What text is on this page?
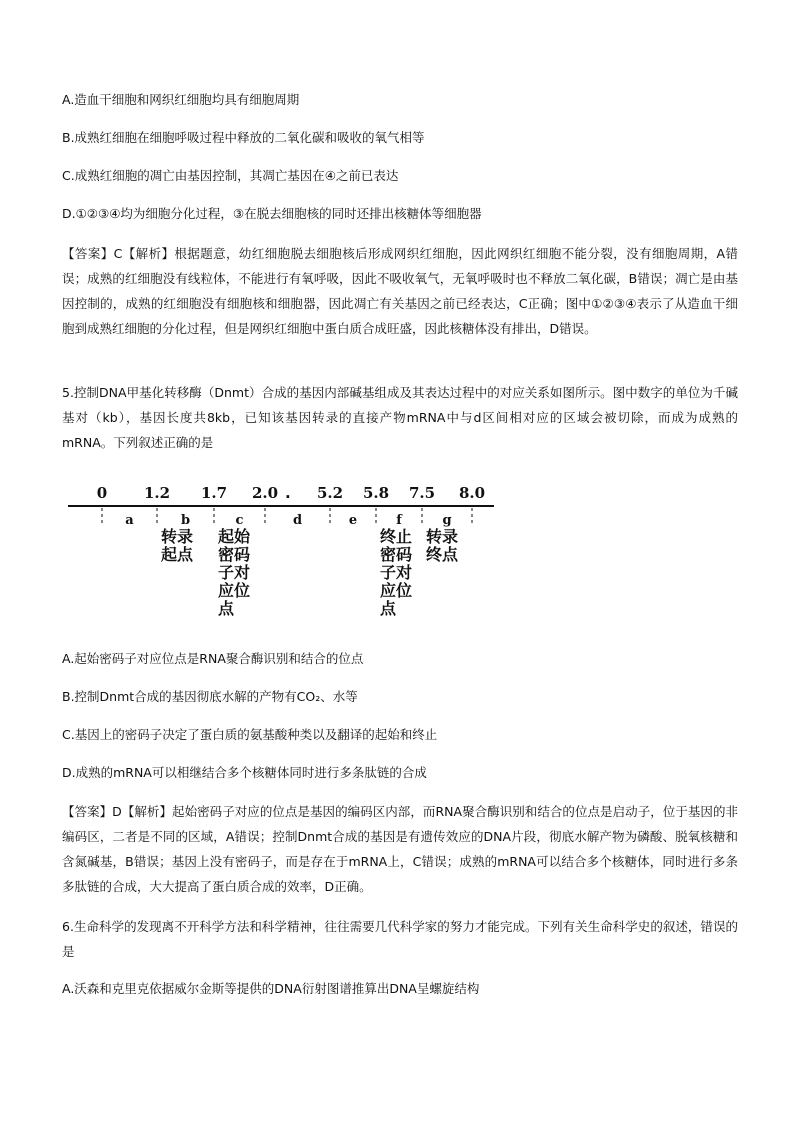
A.造血干细胞和网织红细胞均具有细胞周期
B.成熟红细胞在细胞呼吸过程中释放的二氧化碳和吸收的氧气相等
C.成熟红细胞的凋亡由基因控制，其凋亡基因在④之前已表达
D.①②③④均为细胞分化过程，③在脱去细胞核的同时还排出核糖体等细胞器
【答案】C【解析】根据题意，幼红细胞脱去细胞核后形成网织红细胞，因此网织红细胞不能分裂，没有细胞周期，A错误；成熟的红细胞没有线粒体，不能进行有氧呼吸，因此不吸收氧气，无氧呼吸时也不释放二氧化碳，B错误；凋亡是由基因控制的，成熟的红细胞没有细胞核和细胞器，因此凋亡有关基因之前已经表达，C正确；图中①②③④表示了从造血干细胞到成熟红细胞的分化过程，但是网织红细胞中蛋白质合成旺盛，因此核糖体没有排出，D错误。
5.控制DNA甲基化转移酶（Dnmt）合成的基因内部碱基组成及其表达过程中的对应关系如图所示。图中数字的单位为千碱基对（kb），基因长度共8kb，已知该基因转录的直接产物mRNA中与d区间相对应的区域会被切除，而成为成熟的mRNA。下列叙述正确的是
A.起始密码子对应位点是RNA聚合酶识别和结合的位点
B.控制Dnmt合成的基因彻底水解的产物有CO₂、水等
C.基因上的密码子决定了蛋白质的氨基酸种类以及翻译的起始和终止
D.成熟的mRNA可以相继结合多个核糖体同时进行多条肽链的合成
【答案】D【解析】起始密码子对应的位点是基因的编码区内部，而RNA聚合酶识别和结合的位点是启动子，位于基因的非编码区，二者是不同的区域，A错误；控制Dnmt合成的基因是有遗传效应的DNA片段，彻底水解产物为磷酸、脱氧核糖和含氮碱基，B错误；基因上没有密码子，而是存在于mRNA上，C错误；成熟的mRNA可以结合多个核糖体，同时进行多条多肽链的合成，大大提高了蛋白质合成的效率，D正确。
6.生命科学的发现离不开科学方法和科学精神，往往需要几代科学家的努力才能完成。下列有关生命科学史的叙述，错误的是
A.沃森和克里克依据威尔金斯等提供的DNA衍射图谱推算出DNA呈螺旋结构
0 1.2 1.7 2.0	5.2 5.8 7.5 8.0
.
a	b	c	d	e	f	g
转录
起点
起始
密码
子对
应位
点
终止
密码
子对
应位
点
转录
终点
